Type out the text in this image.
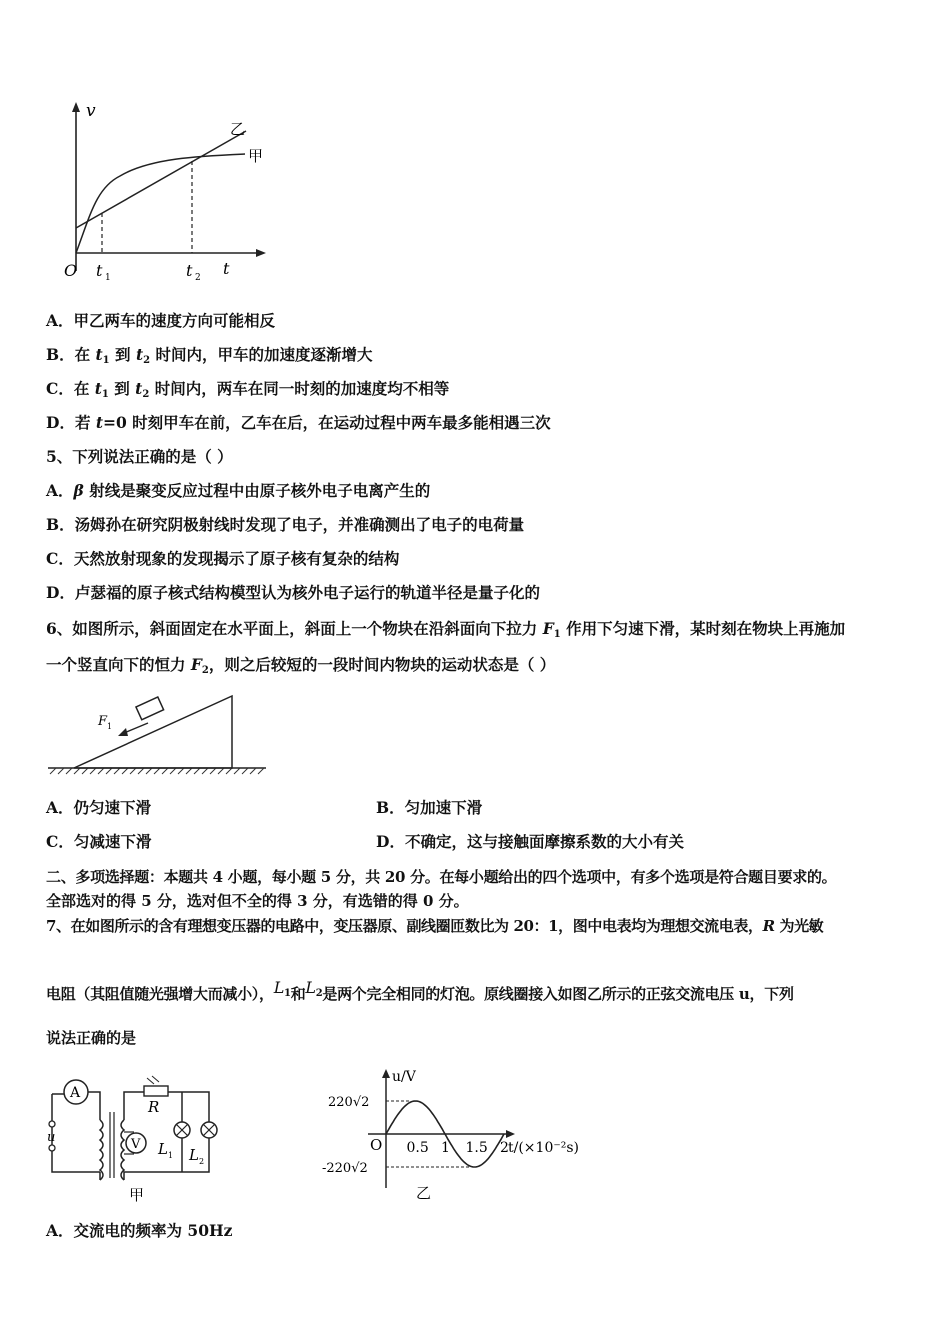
v
t
O t 1	t 2
乙
甲
A．甲乙两车的速度方向可能相反
B．在 $t_1$ 到 $t_2$ 时间内，甲车的加速度逐渐增大
C．在 $t_1$ 到 $t_2$ 时间内，两车在同一时刻的加速度均不相等
D．若 t=0 时刻甲车在前，乙车在后，在运动过程中两车最多能相遇三次
5、下列说法正确的是（ ）
A．β 射线是聚变反应过程中由原子核外电子电离产生的
B．汤姆孙在研究阴极射线时发现了电子，并准确测出了电子的电荷量
C．天然放射现象的发现揭示了原子核有复杂的结构
D．卢瑟福的原子核式结构模型认为核外电子运行的轨道半径是量子化的
6、如图所示，斜面固定在水平面上，斜面上一个物块在沿斜面向下拉力 $F_1$ 作用下匀速下滑，某时刻在物块上再施加
一个竖直向下的恒力 $F_2$，则之后较短的一段时间内物块的运动状态是（ ）
F 1
A．仍匀速下滑	B．匀加速下滑
C．匀减速下滑	D．不确定，这与接触面摩擦系数的大小有关
二、多项选择题：本题共 4 小题，每小题 5 分，共 20 分。在每小题给出的四个选项中，有多个选项是符合题目要求的。
全部选对的得 5 分，选对但不全的得 3 分，有选错的得 0 分。
7、在如图所示的含有理想变压器的电路中，变压器原、副线圈匝数比为 20：1，图中电表均为理想交流电表，R 为光敏
电阻（其阻值随光强增大而减小），$L^1$和$L^2$是两个完全相同的灯泡。原线圈接入如图乙所示的正弦交流电压 u，下列
说法正确的是
A
u
R
V L 1 L 2
甲
u/V
t/(×10⁻²s)
O
220√2
-220√2
0.5 1 1.5 2
乙
A．交流电的频率为 50Hz
